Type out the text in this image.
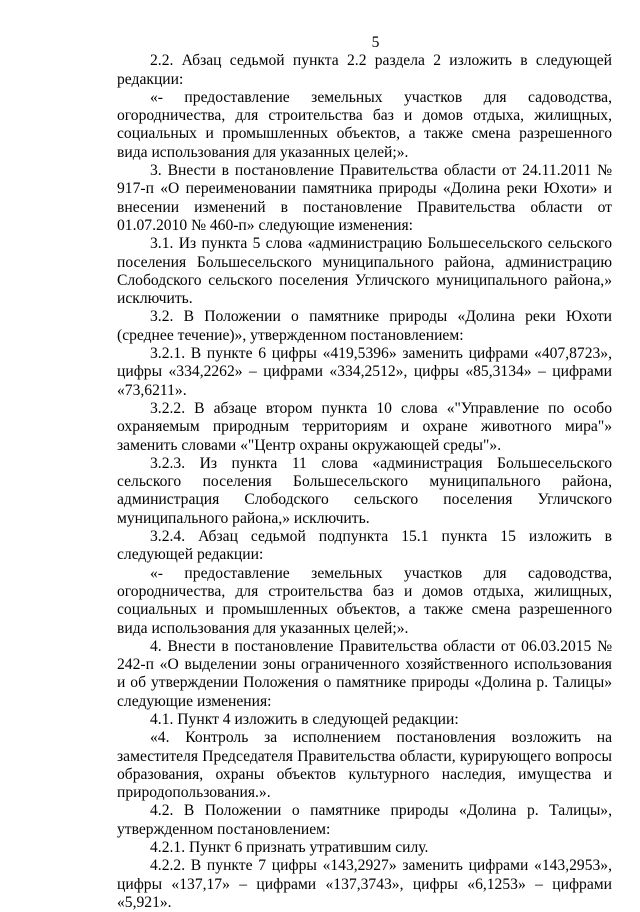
5

2.2. Абзац седьмой пункта 2.2 раздела 2 изложить в следующей редакции:

«- предоставление земельных участков для садоводства, огородничества, для строительства баз и домов отдыха, жилищных, социальных и промышленных объектов, а также смена разрешенного вида использования для указанных целей;».

3. Внести в постановление Правительства области от 24.11.2011 № 917-п «О переименовании памятника природы «Долина реки Юхоти» и внесении изменений в постановление Правительства области от 01.07.2010 № 460-п» следующие изменения:

3.1. Из пункта 5 слова «администрацию Большесельского сельского поселения Большесельского муниципального района, администрацию Слободского сельского поселения Угличского муниципального района,» исключить.

3.2. В Положении о памятнике природы «Долина реки Юхоти (среднее течение)», утвержденном постановлением:

3.2.1. В пункте 6 цифры «419,5396» заменить цифрами «407,8723», цифры «334,2262» – цифрами «334,2512», цифры «85,3134» – цифрами «73,6211».

3.2.2. В абзаце втором пункта 10 слова «"Управление по особо охраняемым природным территориям и охране животного мира"» заменить словами «"Центр охраны окружающей среды"».

3.2.3. Из пункта 11 слова «администрация Большесельского сельского поселения Большесельского муниципального района, администрация Слободского сельского поселения Угличского муниципального района,» исключить.

3.2.4. Абзац седьмой подпункта 15.1 пункта 15 изложить в следующей редакции:

«- предоставление земельных участков для садоводства, огородничества, для строительства баз и домов отдыха, жилищных, социальных и промышленных объектов, а также смена разрешенного вида использования для указанных целей;».

4. Внести в постановление Правительства области от 06.03.2015 № 242-п «О выделении зоны ограниченного хозяйственного использования и об утверждении Положения о памятнике природы «Долина р. Талицы» следующие изменения:

4.1. Пункт 4 изложить в следующей редакции:

«4. Контроль за исполнением постановления возложить на заместителя Председателя Правительства области, курирующего вопросы образования, охраны объектов культурного наследия, имущества и природопользования.».

4.2. В Положении о памятнике природы «Долина р. Талицы», утвержденном постановлением:

4.2.1. Пункт 6 признать утратившим силу.

4.2.2. В пункте 7 цифры «143,2927» заменить цифрами «143,2953», цифры «137,17» – цифрами «137,3743», цифры «6,1253» – цифрами «5,921».
